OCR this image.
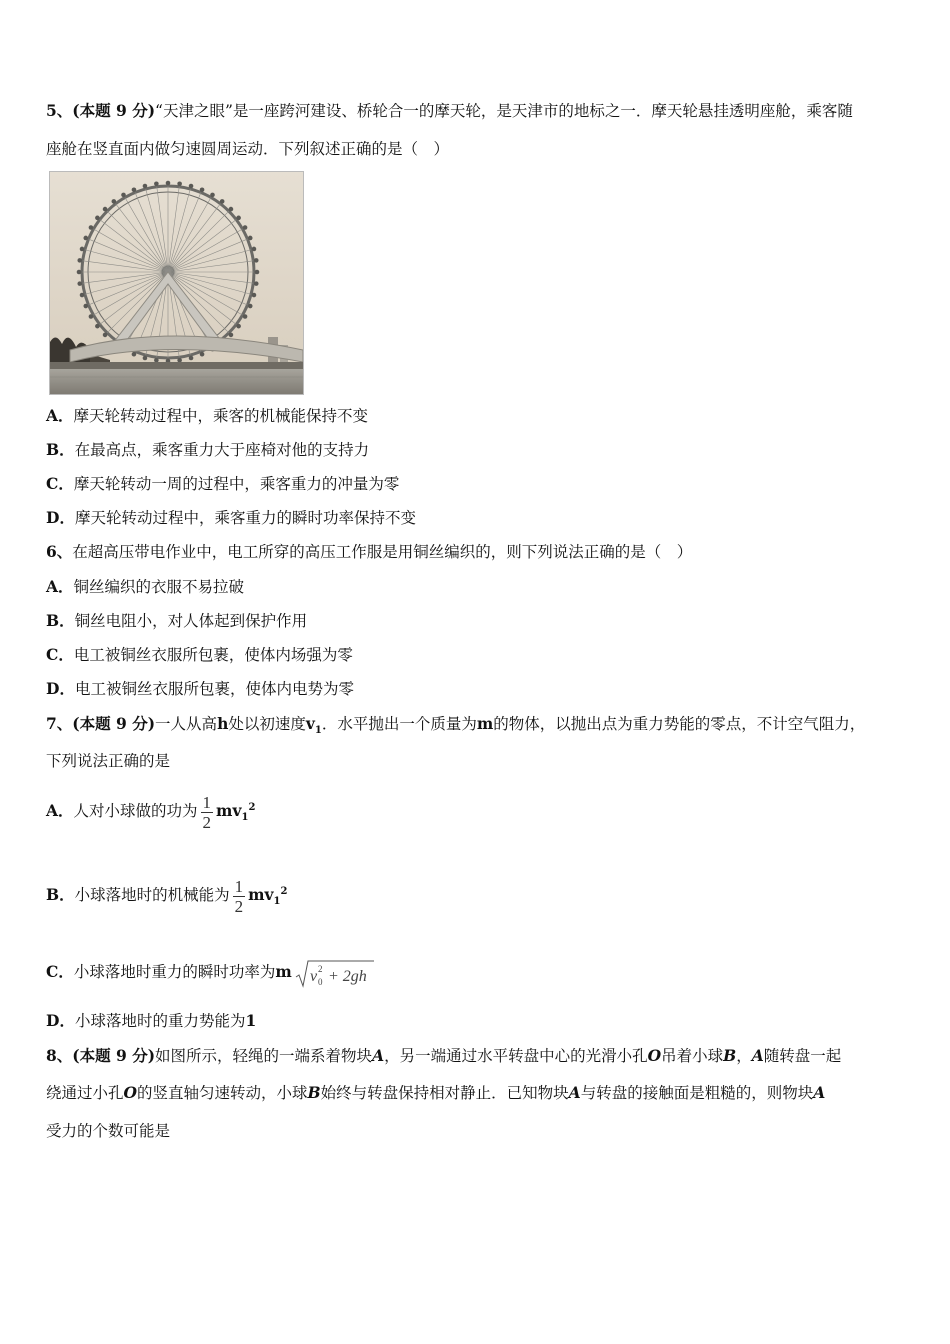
5、(本题 9 分)“天津之眼”是一座跨河建设、桥轮合一的摩天轮，是天津市的地标之一．摩天轮悬挂透明座舱，乘客随
座舱在竖直面内做匀速圆周运动．下列叙述正确的是（　）
A．摩天轮转动过程中，乘客的机械能保持不变
B．在最高点，乘客重力大于座椅对他的支持力
C．摩天轮转动一周的过程中，乘客重力的冲量为零
D．摩天轮转动过程中，乘客重力的瞬时功率保持不变
6、在超高压带电作业中，电工所穿的高压工作服是用铜丝编织的，则下列说法正确的是（　）
A．铜丝编织的衣服不易拉破
B．铜丝电阻小，对人体起到保护作用
C．电工被铜丝衣服所包裹，使体内场强为零
D．电工被铜丝衣服所包裹，使体内电势为零
7、(本题 9 分)一人从高h处以初速度$v_1$．水平抛出一个质量为m的物体，以抛出点为重力势能的零点，不计空气阻力，
下列说法正确的是
A．人对小球做的功为 $\frac{1}{2} mv_1^2$
B．小球落地时的机械能为 $\frac{1}{2} mv_1^2$
C．小球落地时重力的瞬时功率为m v 2
0 + 2gh
D．小球落地时的重力势能为1
8、(本题 9 分)如图所示，轻绳的一端系着物块A，另一端通过水平转盘中心的光滑小孔O吊着小球B，A随转盘一起
绕通过小孔O的竖直轴匀速转动，小球B始终与转盘保持相对静止．已知物块A与转盘的接触面是粗糙的，则物块A
受力的个数可能是
